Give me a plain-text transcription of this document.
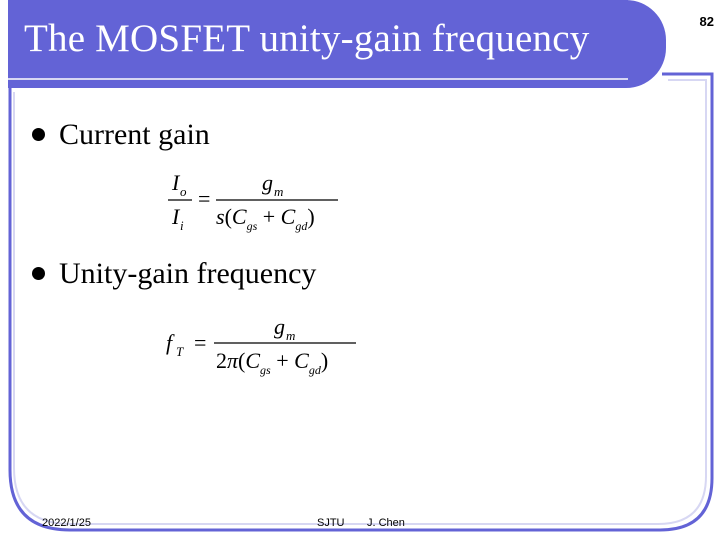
The MOSFET unity-gain frequency	82
Current gain
I o
I i
=
g m
$s(C_{gs} + C_{gd})$
Unity-gain frequency
f T =
g m
$2\pi(C_{gs} + C_{gd})$
2022/1/25	SJTU J. Chen
